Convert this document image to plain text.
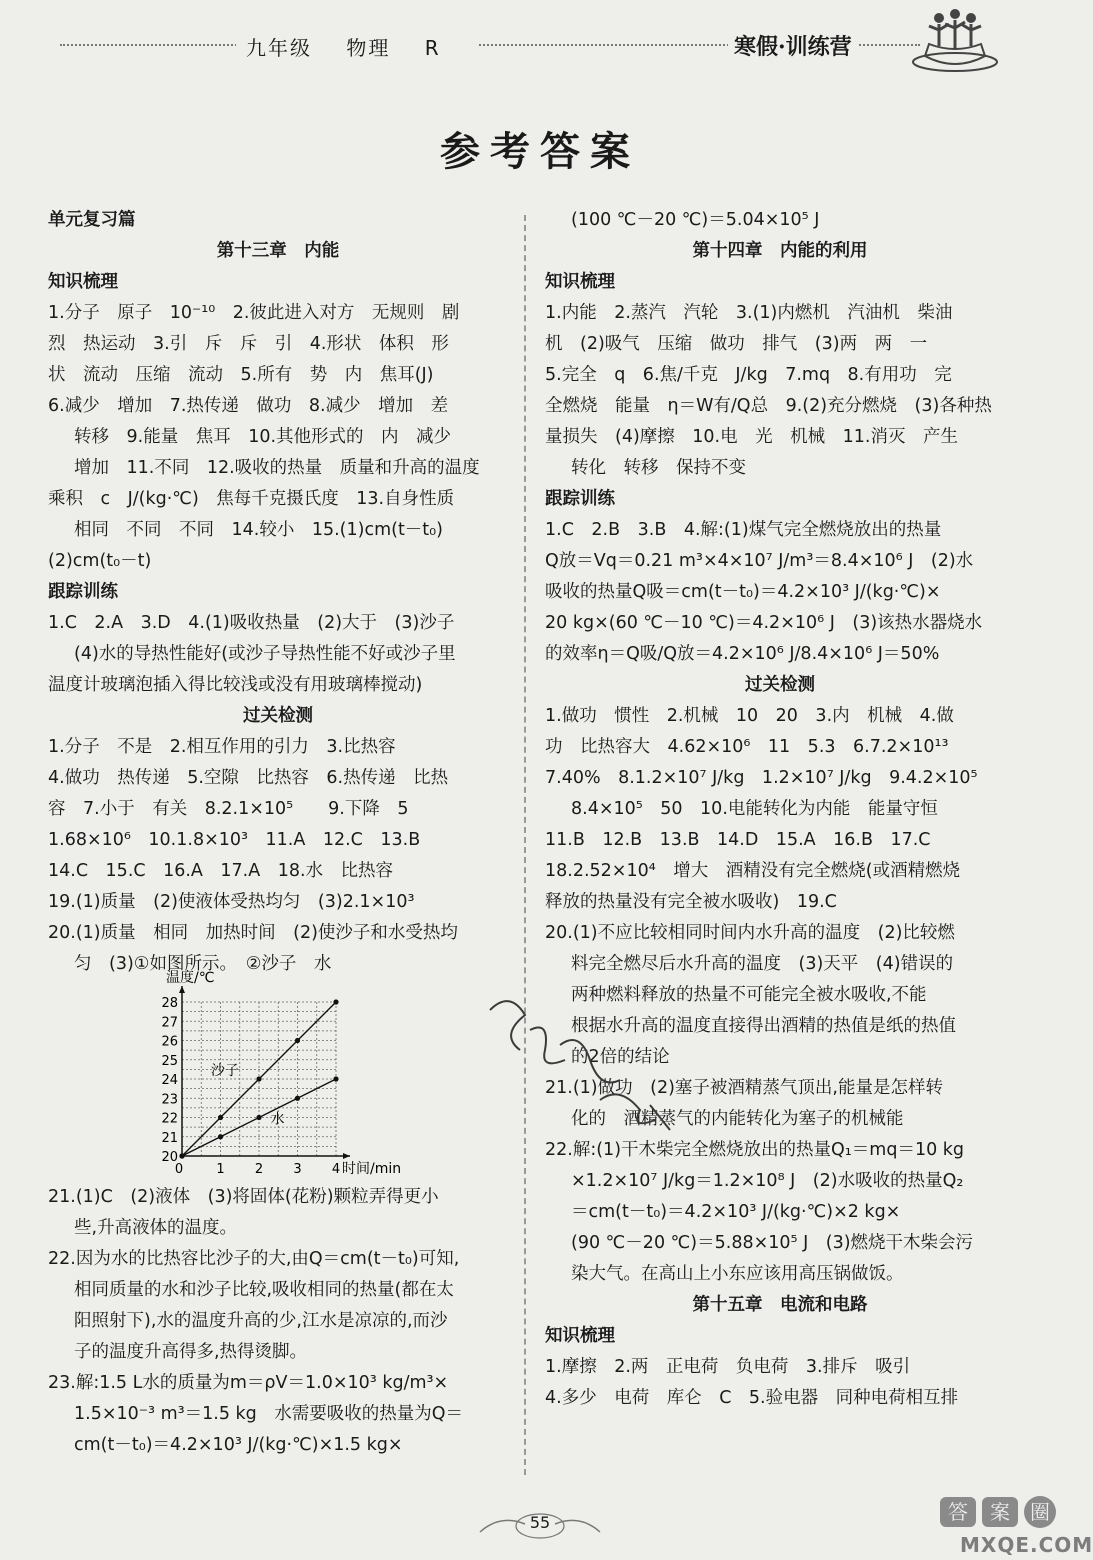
九年级 物理 R	寒假·训练营
参考答案
单元复习篇
第十三章　内能
知识梳理
1.分子　原子　10⁻¹⁰　2.彼此进入对方　无规则　剧
烈　热运动　3.引　斥　斥　引　4.形状　体积　形
状　流动　压缩　流动　5.所有　势　内　焦耳(J)
6.减少　增加　7.热传递　做功　8.减少　增加　差
转移　9.能量　焦耳　10.其他形式的　内　减少
增加　11.不同　12.吸收的热量　质量和升高的温度
乘积　c　J/(kg·℃)　焦每千克摄氏度　13.自身性质
相同　不同　不同　14.较小　15.(1)cm(t－t₀)
(2)cm(t₀－t)
跟踪训练
1.C　2.A　3.D　4.(1)吸收热量　(2)大于　(3)沙子
(4)水的导热性能好(或沙子导热性能不好或沙子里
温度计玻璃泡插入得比较浅或没有用玻璃棒搅动)
过关检测
1.分子　不是　2.相互作用的引力　3.比热容
4.做功　热传递　5.空隙　比热容　6.热传递　比热
容　7.小于　有关　8.2.1×10⁵　　9.下降　5
1.68×10⁶　10.1.8×10³　11.A　12.C　13.B
14.C　15.C　16.A　17.A　18.水　比热容
19.(1)质量　(2)使液体受热均匀　(3)2.1×10³
20.(1)质量　相同　加热时间　(2)使沙子和水受热均
匀　(3)①如图所示。　②沙子　水
20
21
22
23
24
25
26
27
28
0	1 2 3 4
温度/℃
时间/min
沙子
水
21.(1)C　(2)液体　(3)将固体(花粉)颗粒弄得更小
些,升高液体的温度。
22.因为水的比热容比沙子的大,由Q＝cm(t－t₀)可知,
相同质量的水和沙子比较,吸收相同的热量(都在太
阳照射下),水的温度升高的少,江水是凉凉的,而沙
子的温度升高得多,热得烫脚。
23.解:1.5 L水的质量为m＝ρV＝1.0×10³ kg/m³×
1.5×10⁻³ m³＝1.5 kg　水需要吸收的热量为Q＝
cm(t－t₀)＝4.2×10³ J/(kg·℃)×1.5 kg×
(100 ℃－20 ℃)＝5.04×10⁵ J
第十四章　内能的利用
知识梳理
1.内能　2.蒸汽　汽轮　3.(1)内燃机　汽油机　柴油
机　(2)吸气　压缩　做功　排气　(3)两　两　一
5.完全　q　6.焦/千克　J/kg　7.mq　8.有用功　完
全燃烧　能量　η＝W有/Q总　9.(2)充分燃烧　(3)各种热
量损失　(4)摩擦　10.电　光　机械　11.消灭　产生
转化　转移　保持不变
跟踪训练
1.C　2.B　3.B　4.解:(1)煤气完全燃烧放出的热量
Q放＝Vq＝0.21 m³×4×10⁷ J/m³＝8.4×10⁶ J　(2)水
吸收的热量Q吸＝cm(t－t₀)＝4.2×10³ J/(kg·℃)×
20 kg×(60 ℃－10 ℃)＝4.2×10⁶ J　(3)该热水器烧水
的效率η＝Q吸/Q放＝4.2×10⁶ J/8.4×10⁶ J＝50%
过关检测
1.做功　惯性　2.机械　10　20　3.内　机械　4.做
功　比热容大　4.62×10⁶　11　5.3　6.7.2×10¹³
7.40%　8.1.2×10⁷ J/kg　1.2×10⁷ J/kg　9.4.2×10⁵
8.4×10⁵　50　10.电能转化为内能　能量守恒
11.B　12.B　13.B　14.D　15.A　16.B　17.C
18.2.52×10⁴　增大　酒精没有完全燃烧(或酒精燃烧
释放的热量没有完全被水吸收)　19.C
20.(1)不应比较相同时间内水升高的温度　(2)比较燃
料完全燃尽后水升高的温度　(3)天平　(4)错误的
两种燃料释放的热量不可能完全被水吸收,不能
根据水升高的温度直接得出酒精的热值是纸的热值
的2倍的结论
21.(1)做功　(2)塞子被酒精蒸气顶出,能量是怎样转
化的　酒精蒸气的内能转化为塞子的机械能
22.解:(1)干木柴完全燃烧放出的热量Q₁＝mq＝10 kg
×1.2×10⁷ J/kg＝1.2×10⁸ J　(2)水吸收的热量Q₂
＝cm(t－t₀)＝4.2×10³ J/(kg·℃)×2 kg×
(90 ℃－20 ℃)＝5.88×10⁵ J　(3)燃烧干木柴会污
染大气。在高山上小东应该用高压锅做饭。
第十五章　电流和电路
知识梳理
1.摩擦　2.两　正电荷　负电荷　3.排斥　吸引
4.多少　电荷　库仑　C　5.验电器　同种电荷相互排
55	答 案 圈
MXQE.COM
